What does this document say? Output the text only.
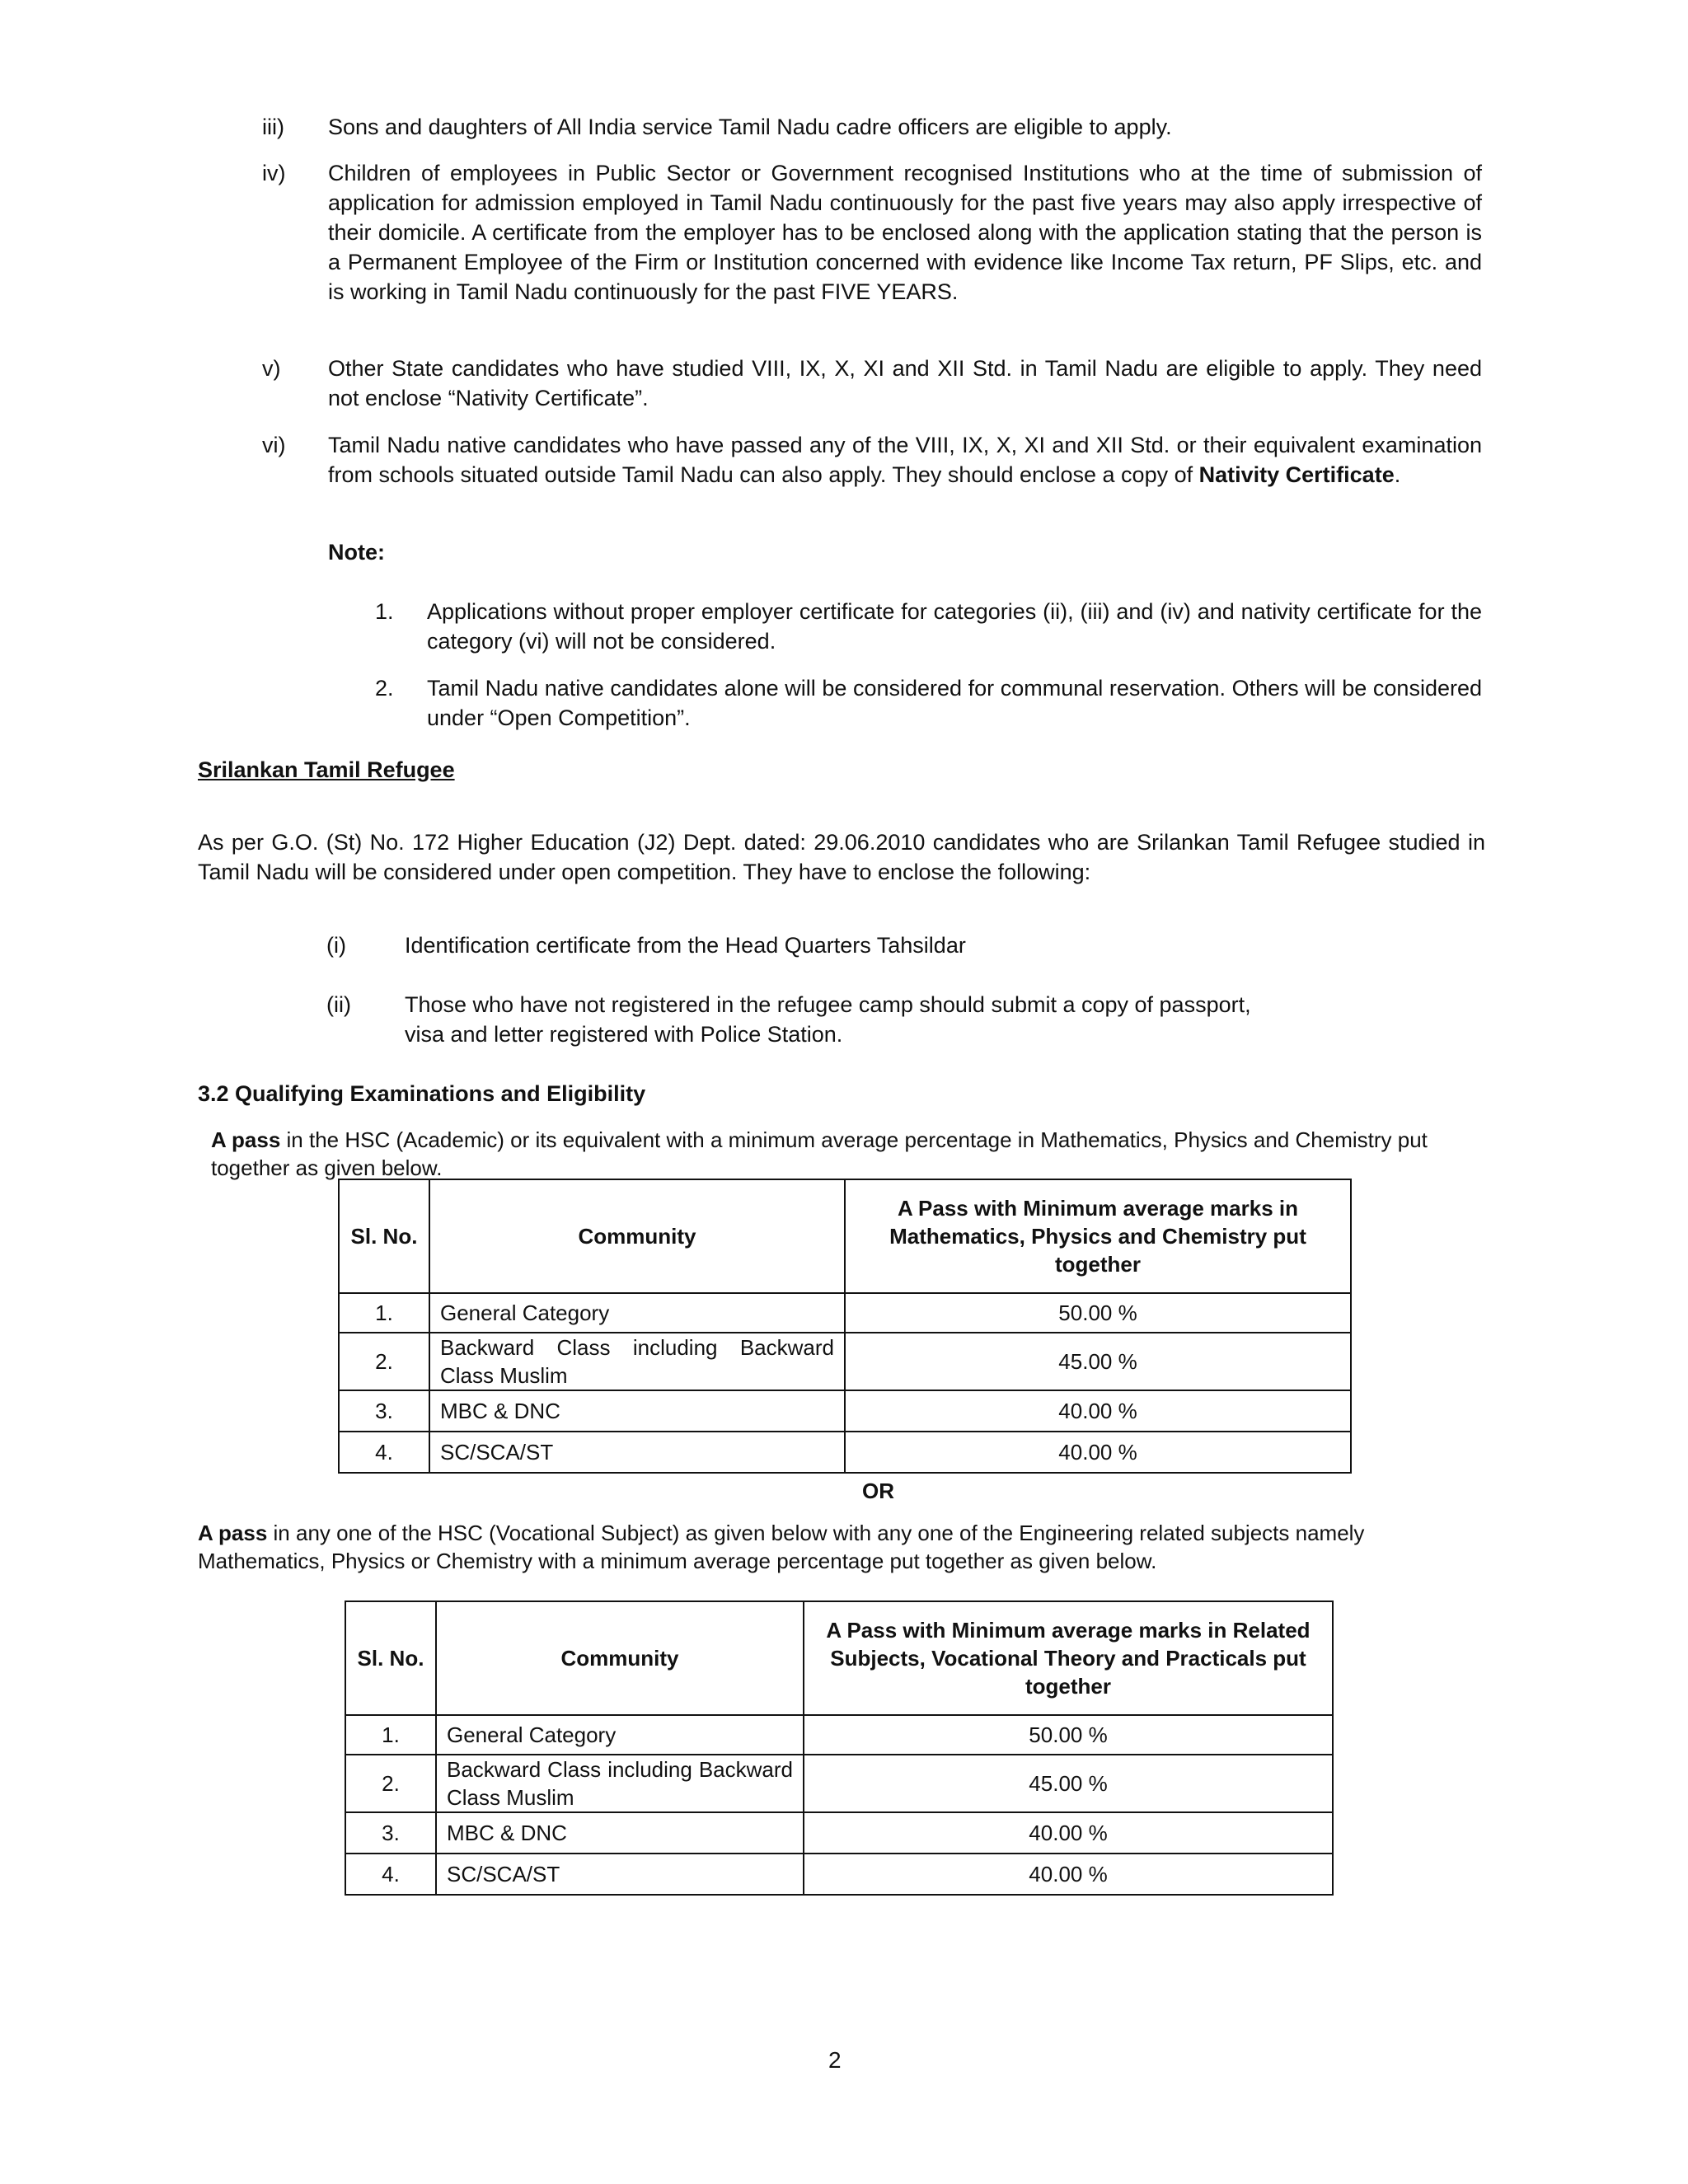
iii) Sons and daughters of All India service Tamil Nadu cadre officers are eligible to apply.
iv) Children of employees in Public Sector or Government recognised Institutions who at the time of submission of application for admission employed in Tamil Nadu continuously for the past five years may also apply irrespective of their domicile. A certificate from the employer has to be enclosed along with the application stating that the person is a Permanent Employee of the Firm or Institution concerned with evidence like Income Tax return, PF Slips, etc. and is working in Tamil Nadu continuously for the past FIVE YEARS.
v) Other State candidates who have studied VIII, IX, X, XI and XII Std. in Tamil Nadu are eligible to apply. They need not enclose “Nativity Certificate”.
vi) Tamil Nadu native candidates who have passed any of the VIII, IX, X, XI and XII Std. or their equivalent examination from schools situated outside Tamil Nadu can also apply. They should enclose a copy of Nativity Certificate.
Note:
1. Applications without proper employer certificate for categories (ii), (iii) and (iv) and nativity certificate for the category (vi) will not be considered.
2. Tamil Nadu native candidates alone will be considered for communal reservation. Others will be considered under “Open Competition”.
Srilankan Tamil Refugee
As per G.O. (St) No. 172 Higher Education (J2) Dept. dated: 29.06.2010 candidates who are Srilankan Tamil Refugee studied in Tamil Nadu will be considered under open competition. They have to enclose the following:
(i)	Identification certificate from the Head Quarters Tahsildar
(ii) Those who have not registered in the refugee camp should submit a copy of passport, visa and letter registered with Police Station.
3.2 Qualifying Examinations and Eligibility
A pass in the HSC (Academic) or its equivalent with a minimum average percentage in Mathematics, Physics and Chemistry put together as given below.
Sl. No.	Community	A Pass with Minimum average marks in Mathematics, Physics and Chemistry put together
1.	General Category	50.00 %
2.	Backward Class including Backward Class Muslim	45.00 %
3.	MBC & DNC	40.00 %
4.	SC/SCA/ST	40.00 %
OR
A pass in any one of the HSC (Vocational Subject) as given below with any one of the Engineering related subjects namely Mathematics, Physics or Chemistry with a minimum average percentage put together as given below.
Sl. No.	Community	A Pass with Minimum average marks in Related Subjects, Vocational Theory and Practicals put together
1.	General Category	50.00 %
2.	Backward Class including Backward Class Muslim	45.00 %
3.	MBC & DNC	40.00 %
4.	SC/SCA/ST	40.00 %
2
